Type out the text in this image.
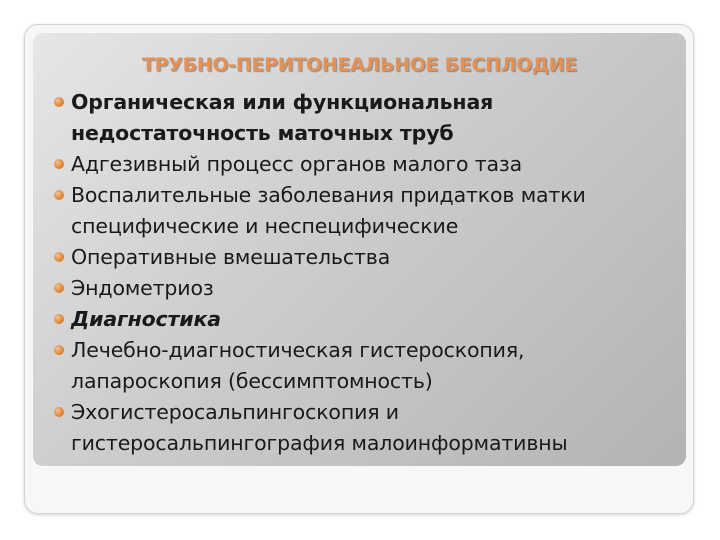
ТРУБНО-ПЕРИТОНЕАЛЬНОЕ БЕСПЛОДИЕ
Органическая или функциональная недостаточность маточных труб
Адгезивный процесс органов малого таза
Воспалительные заболевания придатков матки специфические и неспецифические
Оперативные вмешательства
Эндометриоз
Диагностика
Лечебно-диагностическая гистероскопия, лапароскопия (бессимптомность)
Эхогистеросальпингоскопия и гистеросальпингография малоинформативны
